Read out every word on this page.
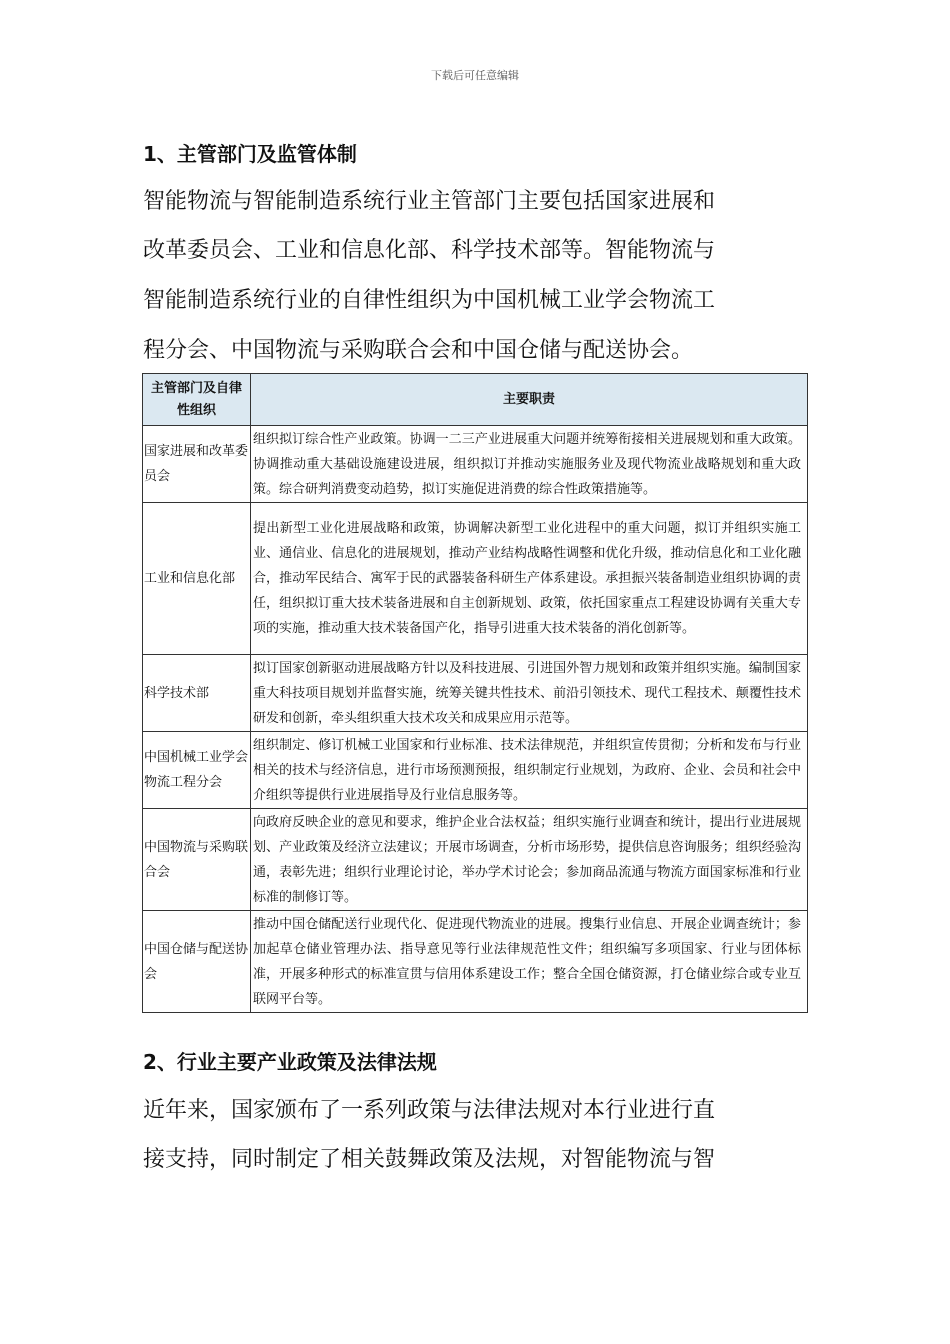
下载后可任意编辑
1、主管部门及监管体制
智能物流与智能制造系统行业主管部门主要包括国家进展和
改革委员会、工业和信息化部、科学技术部等。智能物流与
智能制造系统行业的自律性组织为中国机械工业学会物流工
程分会、中国物流与采购联合会和中国仓储与配送协会。
主管部门及自律性组织	主要职责
国家进展和改革委员会	组织拟订综合性产业政策。协调一二三产业进展重大问题并统筹衔接相关进展规划和重大政策。协调推动重大基础设施建设进展，组织拟订并推动实施服务业及现代物流业战略规划和重大政策。综合研判消费变动趋势，拟订实施促进消费的综合性政策措施等。
工业和信息化部	提出新型工业化进展战略和政策，协调解决新型工业化进程中的重大问题，拟订并组织实施工业、通信业、信息化的进展规划，推动产业结构战略性调整和优化升级，推动信息化和工业化融合，推动军民结合、寓军于民的武器装备科研生产体系建设。承担振兴装备制造业组织协调的责任，组织拟订重大技术装备进展和自主创新规划、政策，依托国家重点工程建设协调有关重大专项的实施，推动重大技术装备国产化，指导引进重大技术装备的消化创新等。
科学技术部	拟订国家创新驱动进展战略方针以及科技进展、引进国外智力规划和政策并组织实施。编制国家重大科技项目规划并监督实施，统筹关键共性技术、前沿引领技术、现代工程技术、颠覆性技术研发和创新，牵头组织重大技术攻关和成果应用示范等。
中国机械工业学会物流工程分会	组织制定、修订机械工业国家和行业标准、技术法律规范，并组织宣传贯彻；分析和发布与行业相关的技术与经济信息，进行市场预测预报，组织制定行业规划，为政府、企业、会员和社会中介组织等提供行业进展指导及行业信息服务等。
中国物流与采购联合会	向政府反映企业的意见和要求，维护企业合法权益；组织实施行业调查和统计，提出行业进展规划、产业政策及经济立法建议；开展市场调查，分析市场形势，提供信息咨询服务；组织经验沟通，表彰先进；组织行业理论讨论，举办学术讨论会；参加商品流通与物流方面国家标准和行业标准的制修订等。
中国仓储与配送协会	推动中国仓储配送行业现代化、促进现代物流业的进展。搜集行业信息、开展企业调查统计；参加起草仓储业管理办法、指导意见等行业法律规范性文件；组织编写多项国家、行业与团体标准，开展多种形式的标准宣贯与信用体系建设工作；整合全国仓储资源，打仓储业综合或专业互联网平台等。
2、行业主要产业政策及法律法规
近年来，国家颁布了一系列政策与法律法规对本行业进行直
接支持，同时制定了相关鼓舞政策及法规，对智能物流与智
